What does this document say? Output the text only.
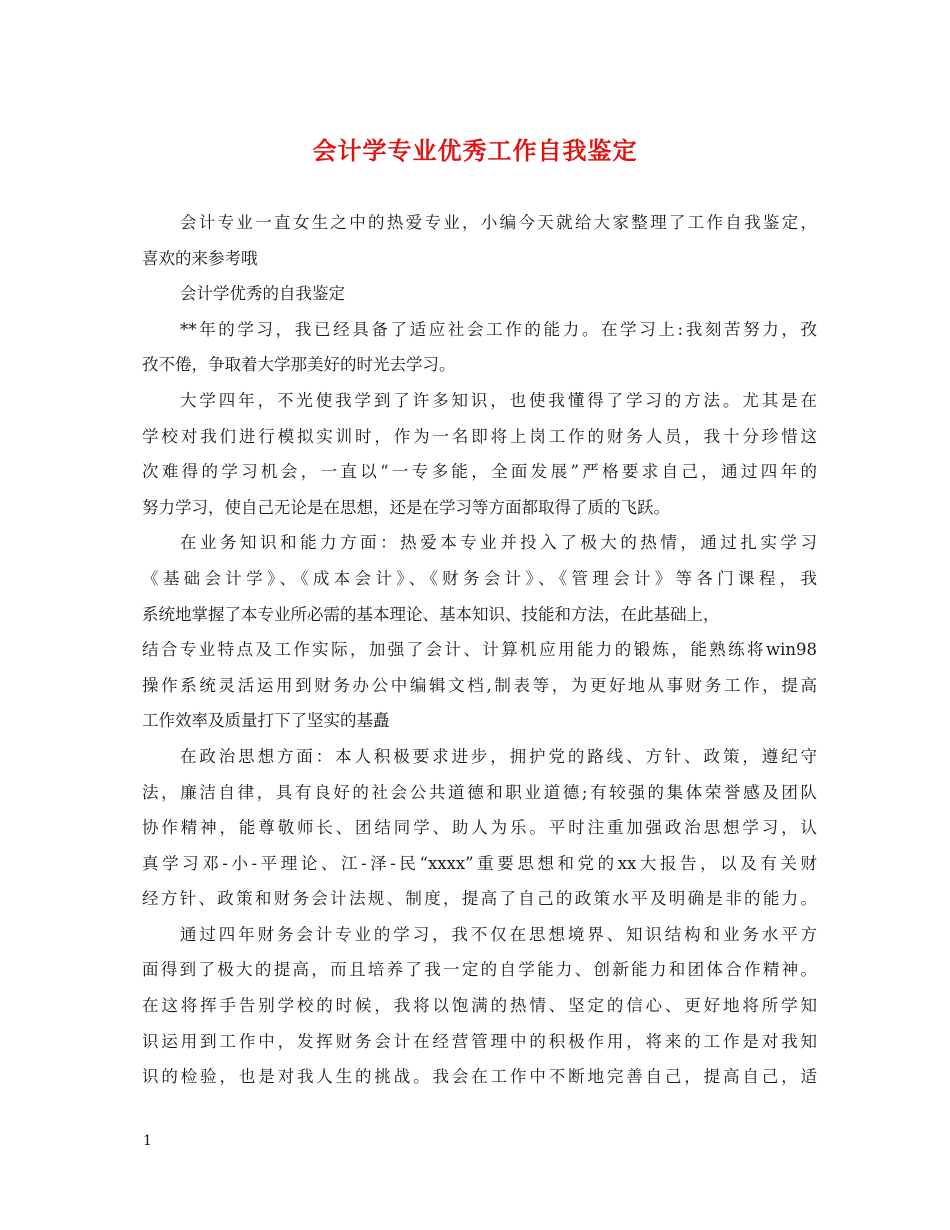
会计学专业优秀工作自我鉴定
会计专业一直女生之中的热爱专业，小编今天就给大家整理了工作自我鉴定，
喜欢的来参考哦
会计学优秀的自我鉴定
**年的学习，我已经具备了适应社会工作的能力。在学习上:我刻苦努力，孜
孜不倦，争取着大学那美好的时光去学习。
大学四年，不光使我学到了许多知识，也使我懂得了学习的方法。尤其是在
学校对我们进行模拟实训时，作为一名即将上岗工作的财务人员，我十分珍惜这
次难得的学习机会，一直以“一专多能，全面发展”严格要求自己，通过四年的
努力学习，使自己无论是在思想，还是在学习等方面都取得了质的飞跃。
在业务知识和能力方面：热爱本专业并投入了极大的热情，通过扎实学习
《基础会计学》、《成本会计》、《财务会计》、《管理会计》等各门课程，我
系统地掌握了本专业所必需的基本理论、基本知识、技能和方法，在此基础上，
结合专业特点及工作实际，加强了会计、计算机应用能力的锻炼，能熟练将win98
操作系统灵活运用到财务办公中编辑文档,制表等，为更好地从事财务工作，提高
工作效率及质量打下了坚实的基矗
在政治思想方面：本人积极要求进步，拥护党的路线、方针、政策，遵纪守
法，廉洁自律，具有良好的社会公共道德和职业道德;有较强的集体荣誉感及团队
协作精神，能尊敬师长、团结同学、助人为乐。平时注重加强政治思想学习，认
真学习邓-小-平理论、江-泽-民“xxxx”重要思想和党的xx大报告，以及有关财
经方针、政策和财务会计法规、制度，提高了自己的政策水平及明确是非的能力。
通过四年财务会计专业的学习，我不仅在思想境界、知识结构和业务水平方
面得到了极大的提高，而且培养了我一定的自学能力、创新能力和团体合作精神。
在这将挥手告别学校的时候，我将以饱满的热情、坚定的信心、更好地将所学知
识运用到工作中，发挥财务会计在经营管理中的积极作用，将来的工作是对我知
识的检验，也是对我人生的挑战。我会在工作中不断地完善自己，提高自己，适
1
